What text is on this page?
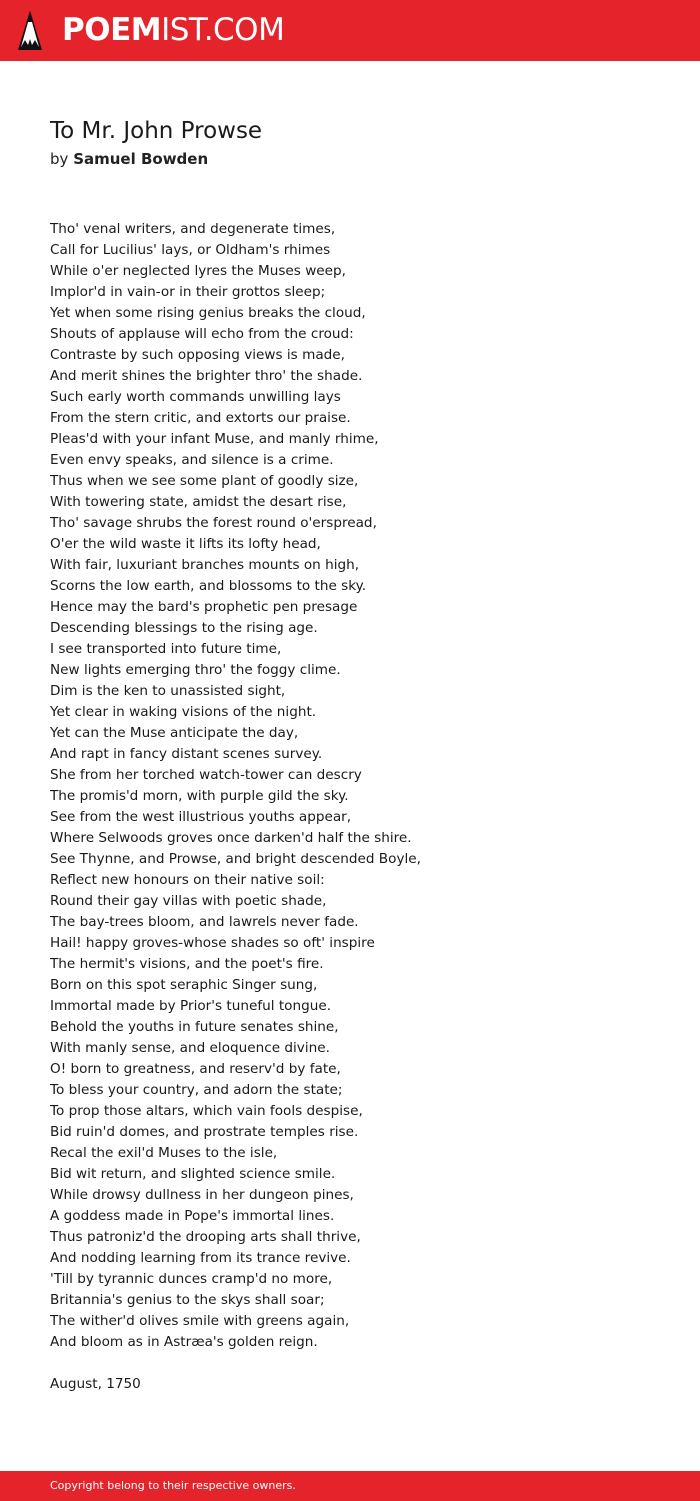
POEMIST.COM
To Mr. John Prowse
by Samuel Bowden
Tho' venal writers, and degenerate times,
Call for Lucilius' lays, or Oldham's rhimes
While o'er neglected lyres the Muses weep,
Implor'd in vain-or in their grottos sleep;
Yet when some rising genius breaks the cloud,
Shouts of applause will echo from the croud:
Contraste by such opposing views is made,
And merit shines the brighter thro' the shade.
Such early worth commands unwilling lays
From the stern critic, and extorts our praise.
Pleas'd with your infant Muse, and manly rhime,
Even envy speaks, and silence is a crime.
Thus when we see some plant of goodly size,
With towering state, amidst the desart rise,
Tho' savage shrubs the forest round o'erspread,
O'er the wild waste it lifts its lofty head,
With fair, luxuriant branches mounts on high,
Scorns the low earth, and blossoms to the sky.
Hence may the bard's prophetic pen presage
Descending blessings to the rising age.
I see transported into future time,
New lights emerging thro' the foggy clime.
Dim is the ken to unassisted sight,
Yet clear in waking visions of the night.
Yet can the Muse anticipate the day,
And rapt in fancy distant scenes survey.
She from her torched watch-tower can descry
The promis'd morn, with purple gild the sky.
See from the west illustrious youths appear,
Where Selwoods groves once darken'd half the shire.
See Thynne, and Prowse, and bright descended Boyle,
Reflect new honours on their native soil:
Round their gay villas with poetic shade,
The bay-trees bloom, and lawrels never fade.
Hail! happy groves-whose shades so oft' inspire
The hermit's visions, and the poet's fire.
Born on this spot seraphic Singer sung,
Immortal made by Prior's tuneful tongue.
Behold the youths in future senates shine,
With manly sense, and eloquence divine.
O! born to greatness, and reserv'd by fate,
To bless your country, and adorn the state;
To prop those altars, which vain fools despise,
Bid ruin'd domes, and prostrate temples rise.
Recal the exil'd Muses to the isle,
Bid wit return, and slighted science smile.
While drowsy dullness in her dungeon pines,
A goddess made in Pope's immortal lines.
Thus patroniz'd the drooping arts shall thrive,
And nodding learning from its trance revive.
'Till by tyrannic dunces cramp'd no more,
Britannia's genius to the skys shall soar;
The wither'd olives smile with greens again,
And bloom as in Astræa's golden reign.
August, 1750
Copyright belong to their respective owners.
